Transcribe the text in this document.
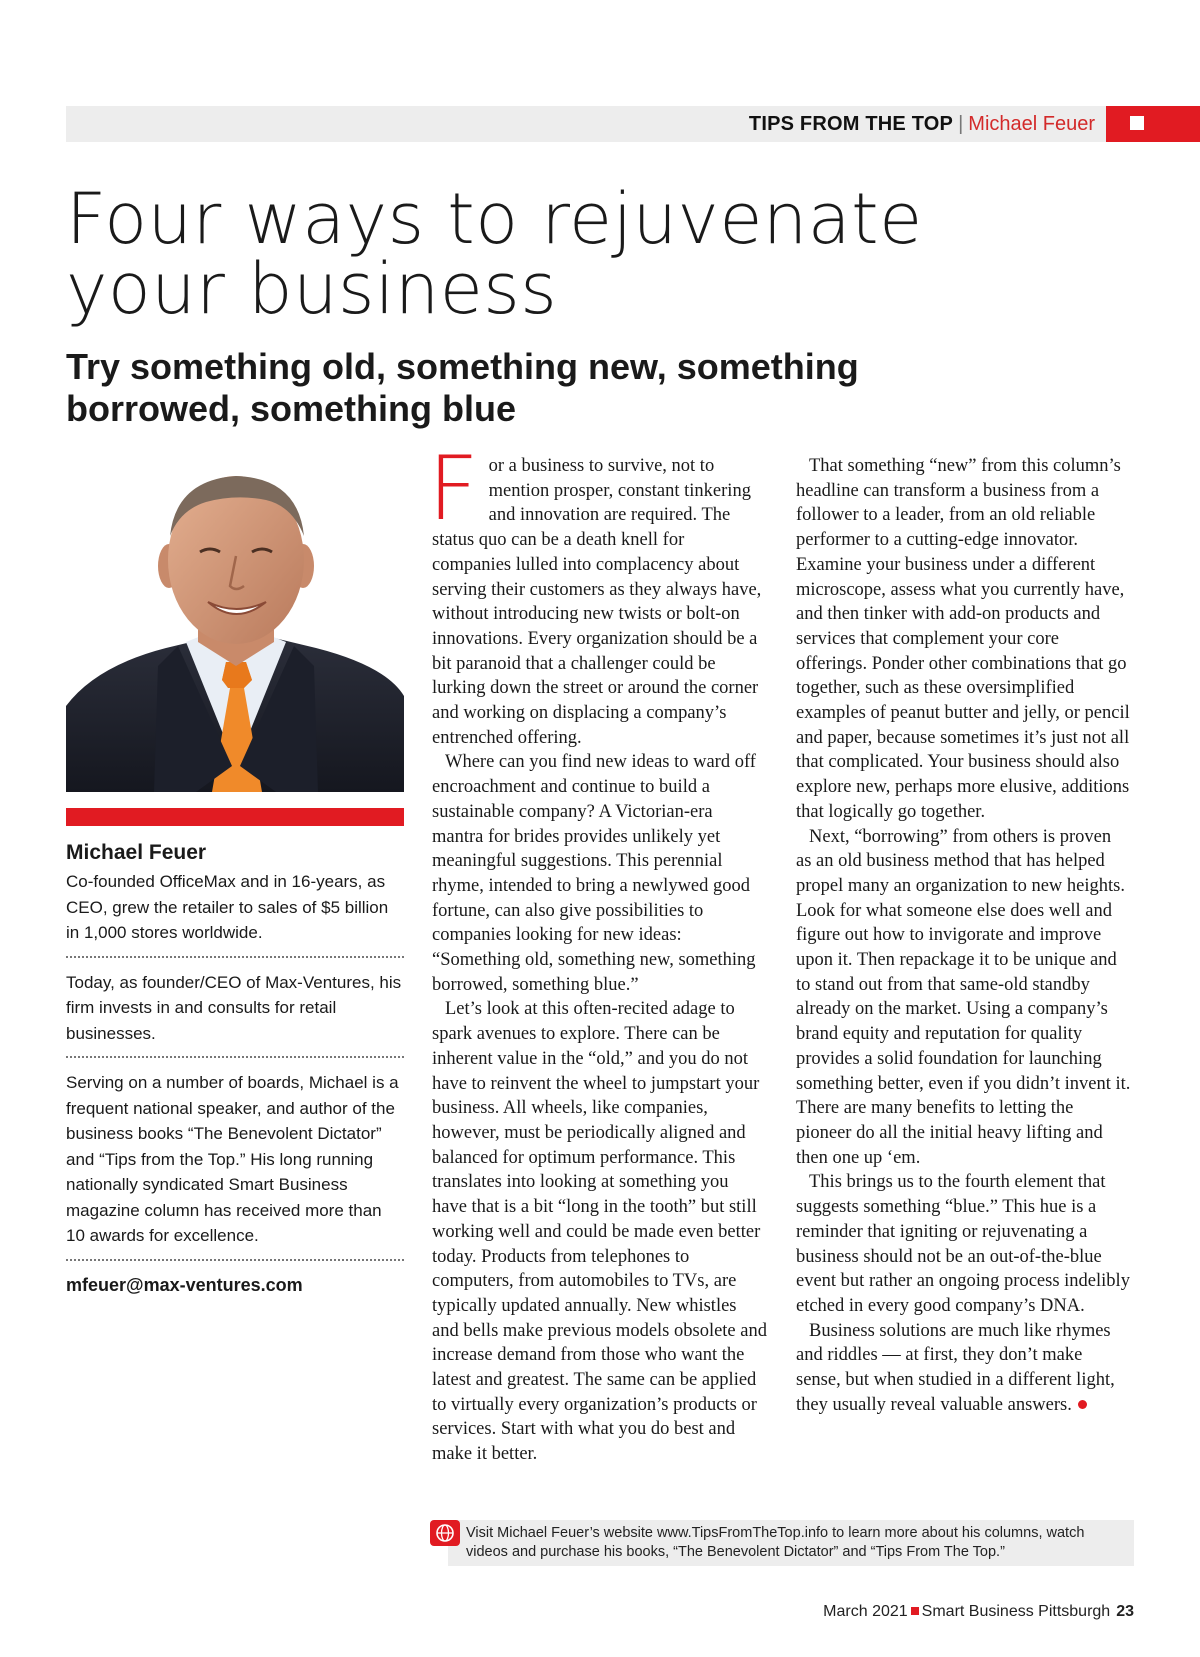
TIPS FROM THE TOP | Michael Feuer
Four ways to rejuvenate your business
Try something old, something new, something borrowed, something blue
Michael Feuer

Co-founded OfficeMax and in 16-years, as CEO, grew the retailer to sales of $5 billion in 1,000 stores worldwide.

Today, as founder/CEO of Max-Ventures, his firm invests in and consults for retail businesses.

Serving on a number of boards, Michael is a frequent national speaker, and author of the business books “The Benevolent Dictator” and “Tips from the Top.” His long running nationally syndicated Smart Business magazine column has received more than 10 awards for excellence.

mfeuer@max-ventures.com

For a business to survive, not to mention prosper, constant tinkering and innovation are required. The status quo can be a death knell for companies lulled into complacency about serving their customers as they always have, without introducing new twists or bolt-on innovations. Every organization should be a bit paranoid that a challenger could be lurking down the street or around the corner and working on displacing a company’s entrenched offering.

Where can you find new ideas to ward off encroachment and continue to build a sustainable company? A Victorian-era mantra for brides provides unlikely yet meaningful suggestions. This perennial rhyme, intended to bring a newlywed good fortune, can also give possibilities to companies looking for new ideas: “Something old, something new, something borrowed, something blue.”

Let’s look at this often-recited adage to spark avenues to explore. There can be inherent value in the “old,” and you do not have to reinvent the wheel to jumpstart your business. All wheels, like companies, however, must be periodically aligned and balanced for optimum performance. This translates into looking at something you have that is a bit “long in the tooth” but still working well and could be made even better today. Products from telephones to computers, from automobiles to TVs, are typically updated annually. New whistles and bells make previous models obsolete and increase demand from those who want the latest and greatest. The same can be applied to virtually every organization’s products or services. Start with what you do best and make it better.

That something “new” from this column’s headline can transform a business from a follower to a leader, from an old reliable performer to a cutting-edge innovator. Examine your business under a different microscope, assess what you currently have, and then tinker with add-on products and services that complement your core offerings. Ponder other combinations that go together, such as these oversimplified examples of peanut butter and jelly, or pencil and paper, because sometimes it’s just not all that complicated. Your business should also explore new, perhaps more elusive, additions that logically go together.

Next, “borrowing” from others is proven as an old business method that has helped propel many an organization to new heights. Look for what someone else does well and figure out how to invigorate and improve upon it. Then repackage it to be unique and to stand out from that same-old standby already on the market. Using a company’s brand equity and reputation for quality provides a solid foundation for launching something better, even if you didn’t invent it. There are many benefits to letting the pioneer do all the initial heavy lifting and then one up ‘em.

This brings us to the fourth element that suggests something “blue.” This hue is a reminder that igniting or rejuvenating a business should not be an out-of-the-blue event but rather an ongoing process indelibly etched in every good company’s DNA.

Business solutions are much like rhymes and riddles — at first, they don’t make sense, but when studied in a different light, they usually reveal valuable answers.

Visit Michael Feuer’s website www.TipsFromTheTop.info to learn more about his columns, watch videos and purchase his books, “The Benevolent Dictator” and “Tips From The Top.”
March 2021 Smart Business Pittsburgh 23
